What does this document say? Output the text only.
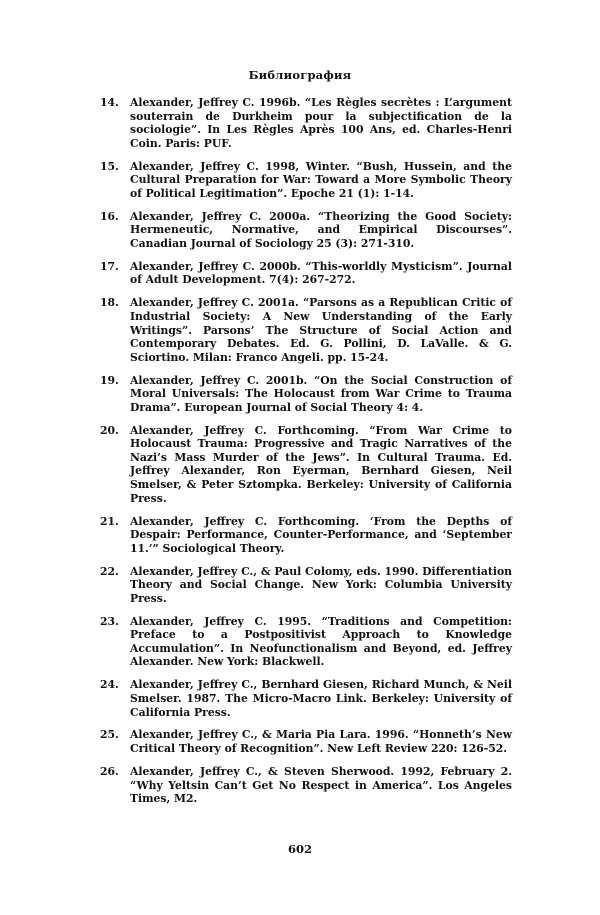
Библиография
14.	Alexander, Jeffrey C. 1996b. “Les Règles secrètes : L’argument souterrain de Durkheim pour la subjectification de la sociologie”. In Les Règles Après 100 Ans, ed. Charles-Henri Coin. Paris: PUF.
15.	Alexander, Jeffrey C. 1998, Winter. “Bush, Hussein, and the Cultural Preparation for War: Toward a More Symbolic Theory of Political Legitimation”. Epoche 21 (1): 1-14.
16.	Alexander, Jeffrey C. 2000a. “Theorizing the Good Society: Hermeneutic, Normative, and Empirical Discourses”. Canadian Journal of Sociology 25 (3): 271-310.
17.	Alexander, Jeffrey C. 2000b. “This-worldly Mysticism”. Journal of Adult Development. 7(4): 267-272.
18.	Alexander, Jeffrey C. 2001a. “Parsons as a Republican Critic of Industrial Society: A New Understanding of the Early Writings”. Parsons’ The Structure of Social Action and Contemporary Debates. Ed. G. Pollini, D. LaValle. & G. Sciortino. Milan: Franco Angeli. pp. 15-24.
19.	Alexander, Jeffrey C. 2001b. “On the Social Construction of Moral Universals: The Holocaust from War Crime to Trauma Drama”. European Journal of Social Theory 4: 4.
20.	Alexander, Jeffrey C. Forthcoming. “From War Crime to Holocaust Trauma: Progressive and Tragic Narratives of the Nazi’s Mass Murder of the Jews”. In Cultural Trauma. Ed. Jeffrey Alexander, Ron Eyerman, Bernhard Giesen, Neil Smelser, & Peter Sztompka. Berkeley: University of California Press.
21.	Alexander, Jeffrey C. Forthcoming. ‘From the Depths of Despair: Performance, Counter-Performance, and ‘September 11.’” Sociological Theory.
22.	Alexander, Jeffrey C., & Paul Colomy, eds. 1990. Differentiation Theory and Social Change. New York: Columbia University Press.
23.	Alexander, Jeffrey C. 1995. “Traditions and Competition: Preface to a Postpositivist Approach to Knowledge Accumulation”. In Neofunctionalism and Beyond, ed. Jeffrey Alexander. New York: Blackwell.
24.	Alexander, Jeffrey C., Bernhard Giesen, Richard Munch, & Neil Smelser. 1987. The Micro-Macro Link. Berkeley: University of California Press.
25.	Alexander, Jeffrey C., & Maria Pia Lara. 1996. “Honneth’s New Critical Theory of Recognition”. New Left Review 220: 126-52.
26.	Alexander, Jeffrey C., & Steven Sherwood. 1992, February 2. “Why Yeltsin Can’t Get No Respect in America”. Los Angeles Times, M2.
602
